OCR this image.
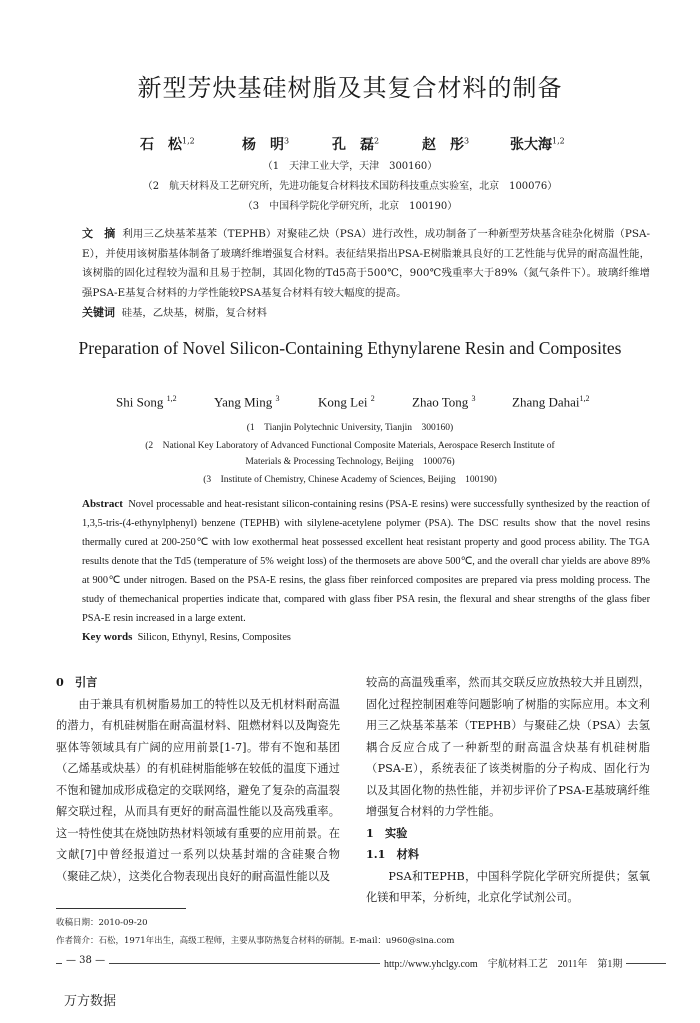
新型芳炔基硅树脂及其复合材料的制备
石　松$^{1,2}$	杨　明$^3$	孔　磊$^2$	赵　彤$^3$	张大海$^{1,2}$
（1　天津工业大学，天津　300160）
（2　航天材料及工艺研究所，先进功能复合材料技术国防科技重点实验室，北京　100076）
（3　中国科学院化学研究所，北京　100190）
文　摘 利用三乙炔基苯基苯（TEPHB）对聚硅乙炔（PSA）进行改性，成功制备了一种新型芳炔基含硅杂化树脂（PSA-E），并使用该树脂基体制备了玻璃纤维增强复合材料。表征结果指出PSA-E树脂兼具良好的工艺性能与优异的耐高温性能，该树脂的固化过程较为温和且易于控制，其固化物的Td5高于500℃，900℃残重率大于89%（氮气条件下）。玻璃纤维增强PSA-E基复合材料的力学性能较PSA基复合材料有较大幅度的提高。
关键词 硅基，乙炔基，树脂，复合材料
Preparation of Novel Silicon-Containing Ethynylarene Resin and Composites
Shi Song $^{1,2}$	Yang Ming $^3$	Kong Lei $^2$	Zhao Tong $^3$	Zhang Dahai$^{1,2}$
(1　Tianjin Polytechnic University, Tianjin　300160)
(2　National Key Laboratory of Advanced Functional Composite Materials, Aerospace Reserch Institute of
Materials & Processing Technology, Beijing　100076)
(3　Institute of Chemistry, Chinese Academy of Sciences, Beijing　100190)
Abstract Novel processable and heat-resistant silicon-containing resins (PSA-E resins) were successfully synthesized by the reaction of 1,3,5-tris-(4-ethynylphenyl) benzene (TEPHB) with silylene-acetylene polymer (PSA). The DSC results show that the novel resins thermally cured at 200-250℃ with low exothermal heat possessed excellent heat resistant property and good process ability. The TGA results denote that the Td5 (temperature of 5% weight loss) of the thermosets are above 500℃, and the overall char yields are above 89% at 900℃ under nitrogen. Based on the PSA-E resins, the glass fiber reinforced composites are prepared via press molding process. The study of themechanical properties indicate that, compared with glass fiber PSA resin, the flexural and shear strengths of the glass fiber PSA-E resin increased in a large extent.
Key words Silicon, Ethynyl, Resins, Composites
0　引言
由于兼具有机树脂易加工的特性以及无机材料耐高温的潜力，有机硅树脂在耐高温材料、阻燃材料以及陶瓷先驱体等领域具有广阔的应用前景[1-7]。带有不饱和基团（乙烯基或炔基）的有机硅树脂能够在较低的温度下通过不饱和键加成形成稳定的交联网络，避免了复杂的高温裂解交联过程，从而具有更好的耐高温性能以及高残重率。这一特性使其在烧蚀防热材料领域有重要的应用前景。在文献[7]中曾经报道过一系列以炔基封端的含硅聚合物（聚硅乙炔），这类化合物表现出良好的耐高温性能以及
较高的高温残重率，然而其交联反应放热较大并且剧烈，固化过程控制困难等问题影响了树脂的实际应用。本文利用三乙炔基苯基苯（TEPHB）与聚硅乙炔（PSA）去氢耦合反应合成了一种新型的耐高温含炔基有机硅树脂（PSA-E），系统表征了该类树脂的分子构成、固化行为以及其固化物的热性能，并初步评价了PSA-E基玻璃纤维增强复合材料的力学性能。
1　实验
1.1　材料
PSA和TEPHB，中国科学院化学研究所提供；氢氧化镁和甲苯，分析纯，北京化学试剂公司。
收稿日期：2010-09-20
作者简介：石松，1971年出生，高级工程师，主要从事防热复合材料的研制。E-mail：u960@sina.com
— 38 —	http://www.yhclgy.com　宇航材料工艺　2011年　第1期
万方数据
